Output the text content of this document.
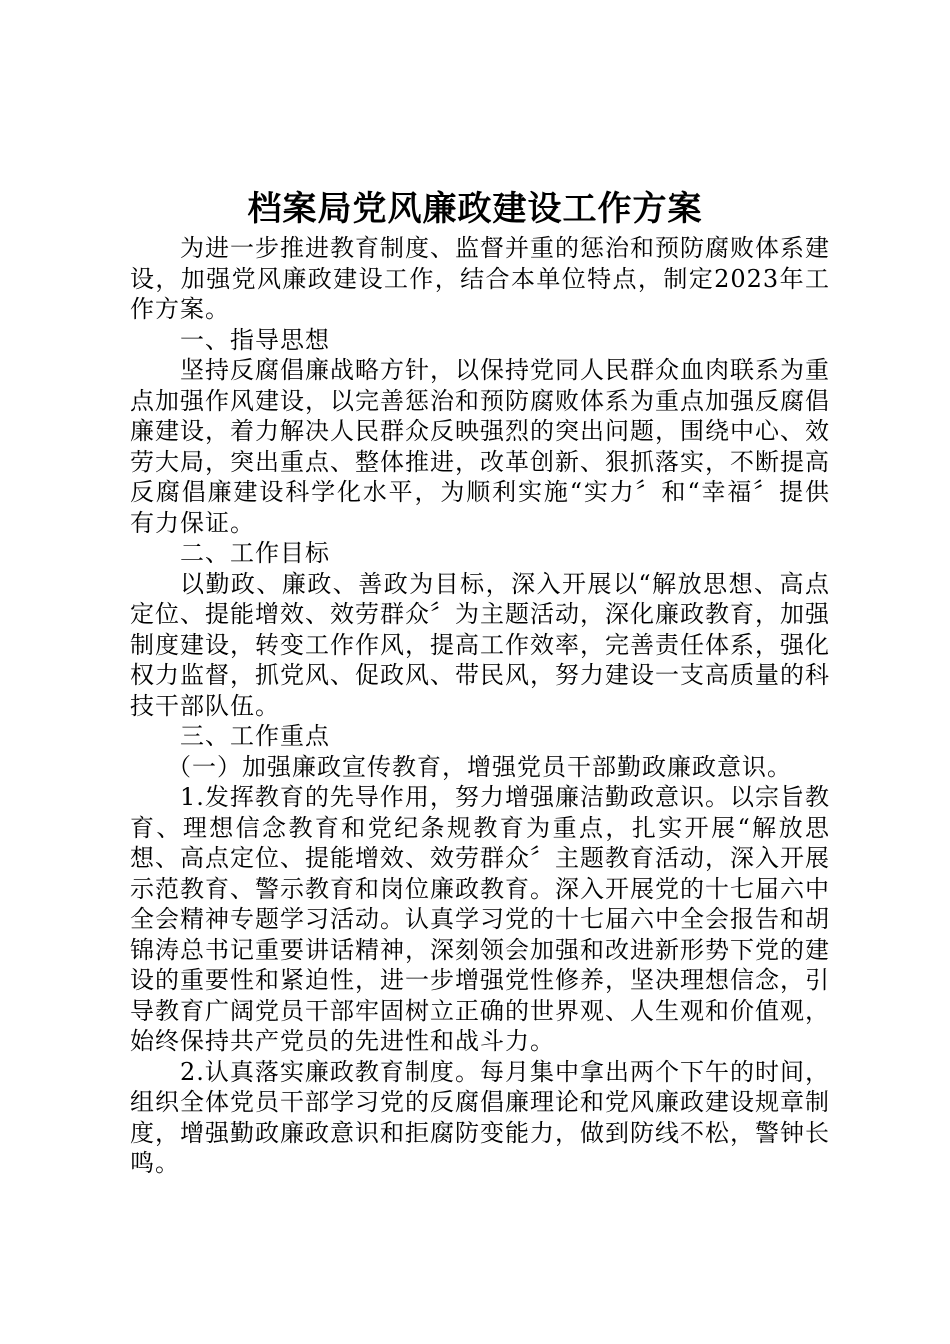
档案局党风廉政建设工作方案

为进一步推进教育制度、监督并重的惩治和预防腐败体系建设，加强党风廉政建设工作，结合本单位特点，制定2023年工作方案。

一、指导思想

坚持反腐倡廉战略方针，以保持党同人民群众血肉联系为重点加强作风建设，以完善惩治和预防腐败体系为重点加强反腐倡廉建设，着力解决人民群众反映强烈的突出问题，围绕中心、效劳大局，突出重点、整体推进，改革创新、狠抓落实，不断提高反腐倡廉建设科学化水平，为顺利实施“实力〞和“幸福〞提供有力保证。

二、工作目标

以勤政、廉政、善政为目标，深入开展以“解放思想、高点定位、提能增效、效劳群众〞为主题活动，深化廉政教育，加强制度建设，转变工作作风，提高工作效率，完善责任体系，强化权力监督，抓党风、促政风、带民风，努力建设一支高质量的科技干部队伍。

三、工作重点

（一）加强廉政宣传教育，增强党员干部勤政廉政意识。

1.发挥教育的先导作用，努力增强廉洁勤政意识。以宗旨教育、理想信念教育和党纪条规教育为重点，扎实开展“解放思想、高点定位、提能增效、效劳群众〞主题教育活动，深入开展示范教育、警示教育和岗位廉政教育。深入开展党的十七届六中全会精神专题学习活动。认真学习党的十七届六中全会报告和胡锦涛总书记重要讲话精神，深刻领会加强和改进新形势下党的建设的重要性和紧迫性，进一步增强党性修养，坚决理想信念，引导教育广阔党员干部牢固树立正确的世界观、人生观和价值观，始终保持共产党员的先进性和战斗力。

2.认真落实廉政教育制度。每月集中拿出两个下午的时间，组织全体党员干部学习党的反腐倡廉理论和党风廉政建设规章制度，增强勤政廉政意识和拒腐防变能力，做到防线不松，警钟长鸣。
